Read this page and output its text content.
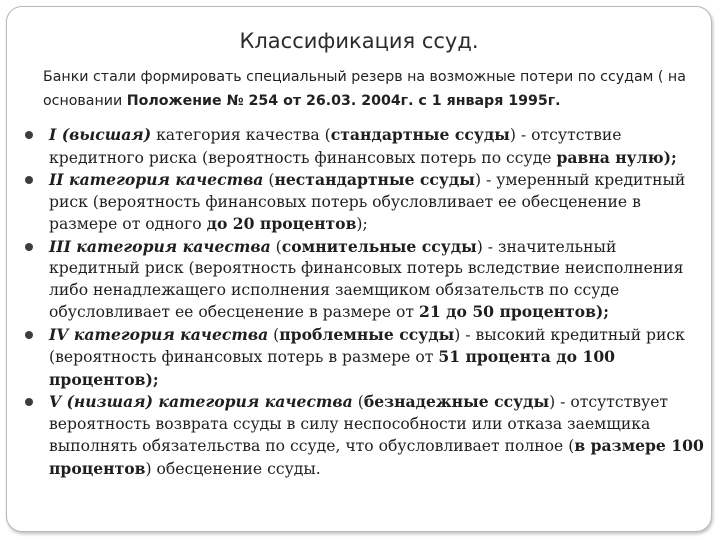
Классификация ссуд.

Банки стали формировать специальный резерв на возможные потери по ссудам ( на основании Положение № 254 от 26.03. 2004г. с 1 января 1995г.

I (высшая) категория качества (стандартные ссуды) - отсутствие кредитного риска (вероятность финансовых потерь по ссуде равна нулю);
II категория качества (нестандартные ссуды) - умеренный кредитный риск (вероятность финансовых потерь обусловливает ее обесценение в размере от одного до 20 процентов);
III категория качества (сомнительные ссуды) - значительный кредитный риск (вероятность финансовых потерь вследствие неисполнения либо ненадлежащего исполнения заемщиком обязательств по ссуде обусловливает ее обесценение в размере от 21 до 50 процентов);
IV категория качества (проблемные ссуды) - высокий кредитный риск (вероятность финансовых потерь в размере от 51 процента до 100 процентов);
V (низшая) категория качества (безнадежные ссуды) - отсутствует вероятность возврата ссуды в силу неспособности или отказа заемщика выполнять обязательства по ссуде, что обусловливает полное (в размере 100 процентов) обесценение ссуды.
